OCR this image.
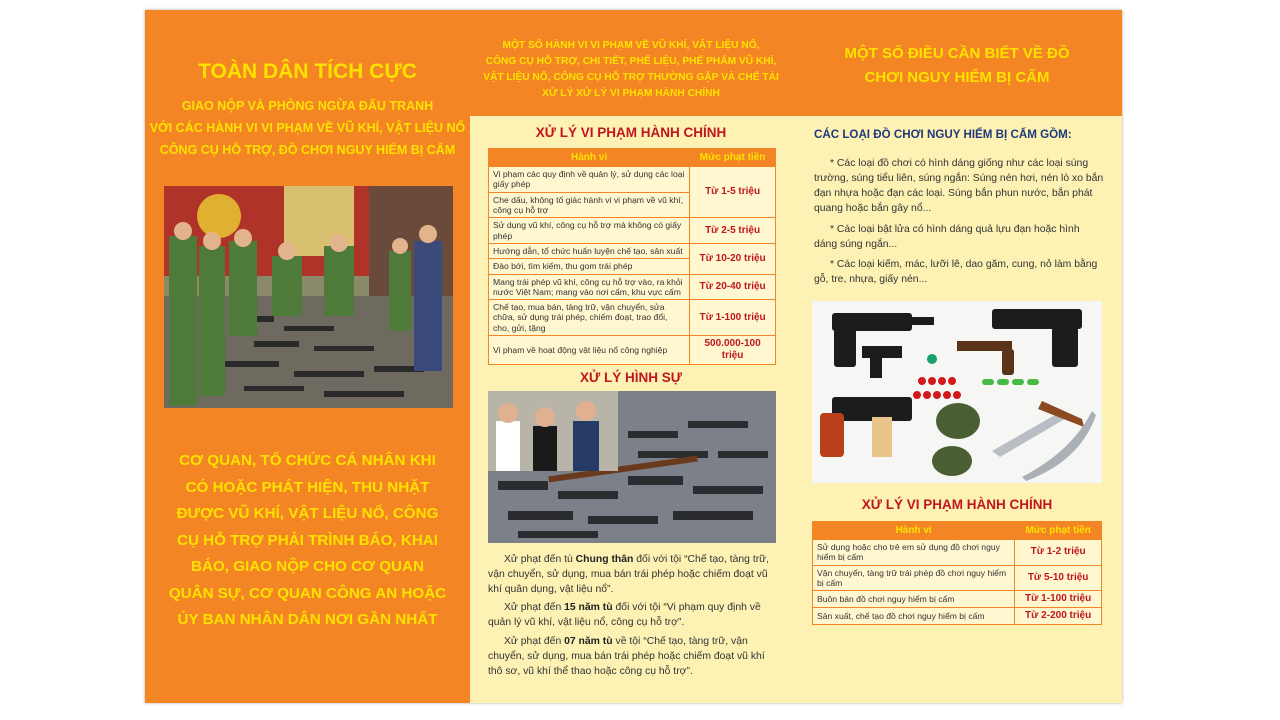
TOÀN DÂN TÍCH CỰC
GIAO NỘP VÀ PHÒNG NGỪA ĐẤU TRANH
VỚI CÁC HÀNH VI VI PHẠM VỀ VŨ KHÍ, VẬT LIỆU NỔ
CÔNG CỤ HỖ TRỢ, ĐỒ CHƠI NGUY HIỂM BỊ CẤM
CƠ QUAN, TỔ CHỨC CÁ NHÂN KHI
CÓ HOẶC PHÁT HIỆN, THU NHẶT
ĐƯỢC VŨ KHÍ, VẬT LIỆU NỔ, CÔNG
CỤ HỖ TRỢ PHẢI TRÌNH BÁO, KHAI
BÁO, GIAO NỘP CHO CƠ QUAN
QUÂN SỰ, CƠ QUAN CÔNG AN HOẶC
ỦY BAN NHÂN DÂN NƠI GẦN NHẤT
MỘT SỐ HÀNH VI VI PHẠM VỀ VŨ KHÍ, VẬT LIỆU NỔ,
CÔNG CỤ HỖ TRỢ, CHI TIẾT, PHẾ LIỆU, PHẾ PHẨM VŨ KHÍ,
VẬT LIỆU NỔ, CÔNG CỤ HỖ TRỢ THƯỜNG GẶP VÀ CHẾ TÀI
XỬ LÝ XỬ LÝ VI PHẠM HÀNH CHÍNH
XỬ LÝ VI PHẠM HÀNH CHÍNH
Hành vi	Mức phạt tiền
Vi phạm các quy định về quản lý, sử dụng các loại giấy phép	Từ 1-5 triệu
Che dấu, không tố giác hành vi vi phạm về vũ khí, công cụ hỗ trợ	
Sử dụng vũ khí, công cụ hỗ trợ mà không có giấy phép	Từ 2-5 triệu
Hướng dẫn, tổ chức huấn luyện chế tạo, sản xuất	Từ 10-20 triệu
Đào bới, tìm kiếm, thu gom trái phép	
Mang trái phép vũ khí, công cụ hỗ trợ vào, ra khỏi nước Việt Nam; mang vào nơi cấm, khu vực cấm	Từ 20-40 triệu
Chế tạo, mua bán, tàng trữ, vận chuyển, sửa chữa, sử dụng trái phép, chiếm đoạt, trao đổi, cho, gửi, tặng	Từ 1-100 triệu
Vi phạm về hoạt động vật liệu nổ công nghiệp	500.000-100 triệu
XỬ LÝ HÌNH SỰ
Xử phạt đến tù Chung thân đối với tội “Chế tạo, tàng trữ, vận chuyển, sử dụng, mua bán trái phép hoặc chiếm đoạt vũ khí quân dụng, vật liệu nổ”.
Xử phạt đến 15 năm tù đối với tội “Vi phạm quy định về quản lý vũ khí, vật liệu nổ, công cụ hỗ trợ”.
Xử phạt đến 07 năm tù về tội “Chế tạo, tàng trữ, vận chuyển, sử dụng, mua bán trái phép hoặc chiếm đoạt vũ khí thô sơ, vũ khí thể thao hoặc công cụ hỗ trợ”.
MỘT SỐ ĐIỀU CẦN BIẾT VỀ ĐỒ
CHƠI NGUY HIỂM BỊ CẤM
CÁC LOẠI ĐỒ CHƠI NGUY HIỂM BỊ CẤM GỒM:
* Các loại đồ chơi có hình dáng giống như các loại súng trường, súng tiểu liên, súng ngắn: Súng nén hơi, nén lò xo bắn đạn nhựa hoặc đạn các loại. Súng bắn phun nước, bắn phát quang hoặc bắn gây nổ...
* Các loại bật lửa có hình dáng quả lựu đạn hoặc hình dáng súng ngắn...
* Các loại kiếm, mác, lưỡi lê, dao găm, cung, nỏ làm bằng gỗ, tre, nhựa, giấy nén...
XỬ LÝ VI PHẠM HÀNH CHÍNH
Hành vi	Mức phạt tiền
Sử dụng hoặc cho trẻ em sử dụng đồ chơi nguy hiểm bị cấm	Từ 1-2 triệu
Vận chuyển, tàng trữ trái phép đồ chơi nguy hiểm bị cấm	Từ 5-10 triệu
Buôn bán đồ chơi nguy hiểm bị cấm	Từ 1-100 triệu
Sản xuất, chế tạo đồ chơi nguy hiểm bị cấm	Từ 2-200 triệu
